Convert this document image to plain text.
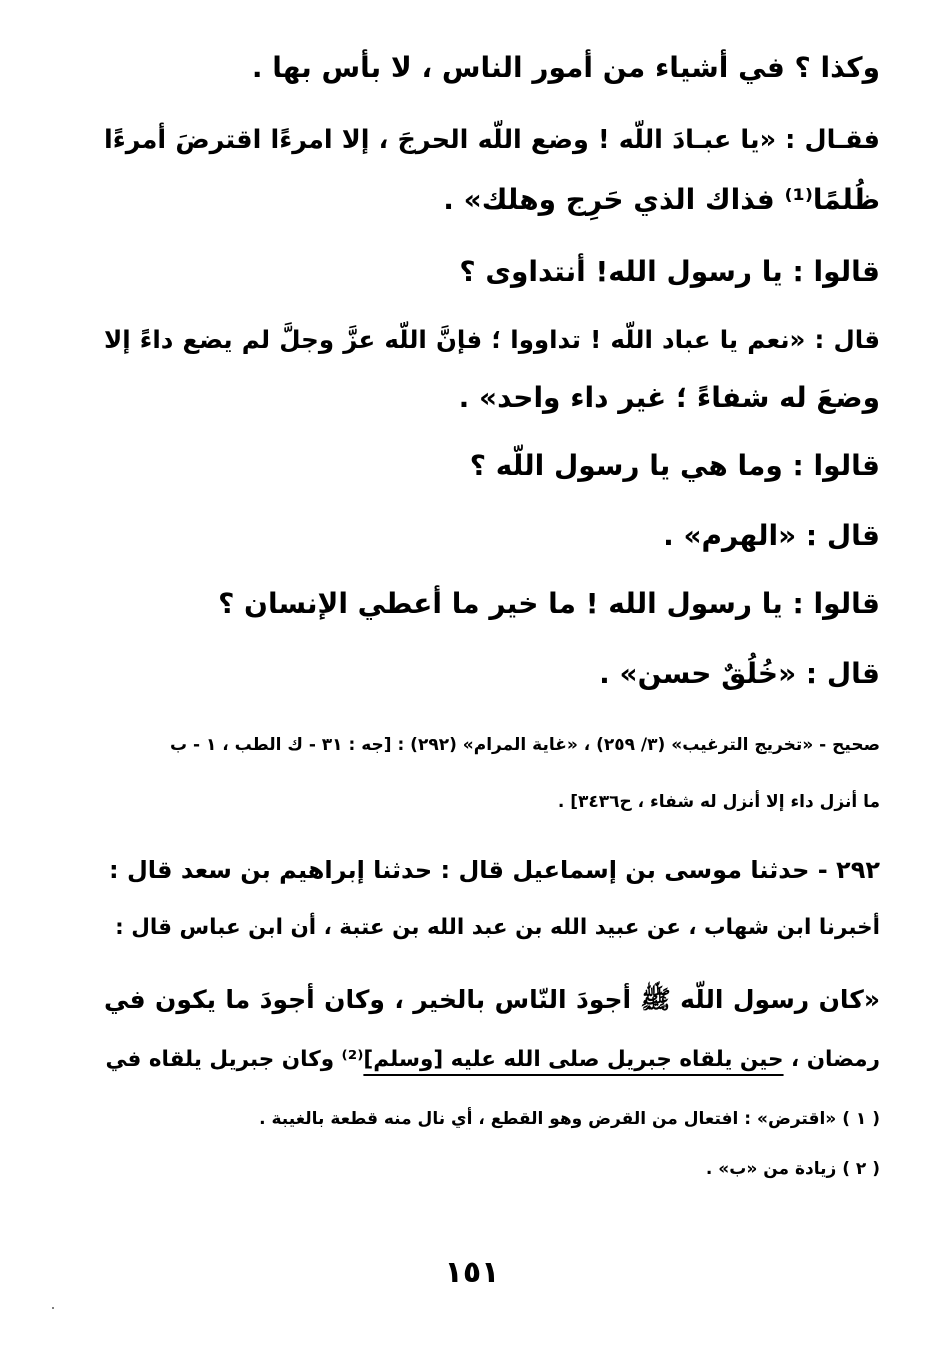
وكذا ؟ في أشياء من أمور الناس ، لا بأس بها .
فقـال : «يا عبـادَ اللّه ! وضع اللّه الحرجَ ، إلا امرءًا اقترضَ أمرءًا
ظُلمًا⁽¹⁾ فذاك الذي حَرِج وهلك» .
قالوا : يا رسول الله! أنتداوى ؟
قال : «نعم يا عباد اللّه ! تداووا ؛ فإنَّ اللّه عزَّ وجلَّ لم يضع داءً إلا
وضعَ له شفاءً ؛ غير داء واحد» .
قالوا : وما هي يا رسول اللّه ؟
قال : «الهرم» .
قالوا : يا رسول الله ! ما خير ما أعطي الإنسان ؟
قال : «خُلُقٌ حسن» .
صحيح - «تخريج الترغيب» (٣/ ٢٥٩) ، «غاية المرام» (٢٩٢) : [جه : ٣١ - ك الطب ، ١ - ب
ما أنزل داء إلا أنزل له شفاء ، ح٣٤٣٦] .
٢٩٢ - حدثنا موسى بن إسماعيل قال : حدثنا إبراهيم بن سعد قال :
أخبرنا ابن شهاب ، عن عبيد الله بن عبد الله بن عتبة ، أن ابن عباس قال :
«كان رسول اللّه ﷺ أجودَ النّاس بالخير ، وكان أجودَ ما يكون في
رمضان ، حين يلقاه جبريل صلى الله عليه [وسلم]⁽²⁾ وكان جبريل يلقاه في
( ١ ) «اقترض» : افتعال من القرض وهو القطع ، أي نال منه قطعة بالغيبة .
( ٢ ) زيادة من «ب» .
١٥١
